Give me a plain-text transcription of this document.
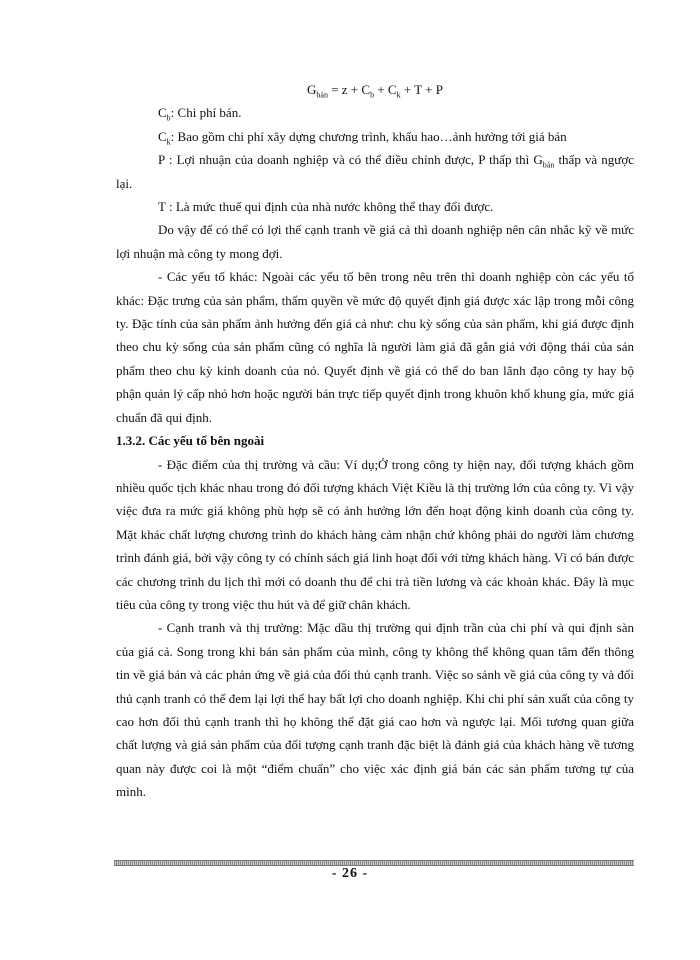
$G_{bán} = z + C_b + C_k + T + P$

$C_b$: Chi phí bán.

$C_k$: Bao gồm chi phí xây dựng chương trình, khấu hao…ảnh hưởng tới giá bán

P : Lợi nhuận của doanh nghiệp và có thể điều chỉnh được, P thấp thì $G_{bán}$ thấp và ngược lại.

T : Là mức thuế qui định của nhà nước không thể thay đổi được.

Do vậy để có thể có lợi thế cạnh tranh về giá cả thì doanh nghiệp nên cân nhắc kỹ về mức lợi nhuận mà công ty mong đợi.

- Các yếu tố khác: Ngoài các yếu tố bên trong nêu trên thì doanh nghiệp còn các yếu tố khác: Đặc trưng của sản phẩm, thẩm quyền về mức độ quyết định giá được xác lập trong mỗi công ty. Đặc tính của sản phẩm ảnh hưởng đến giá cả như: chu kỳ sống của sản phẩm, khi giá được định theo chu kỳ sống của sản phẩm cũng có nghĩa là người làm giá đã gắn giá với động thái của sản phẩm theo chu kỳ kinh doanh của nó. Quyết định về giá có thể do ban lãnh đạo công ty hay bộ phận quản lý cấp nhỏ hơn hoặc người bán trực tiếp quyết định trong khuôn khổ khung gía, mức giá chuẩn đã qui định.

1.3.2. Các yếu tố bên ngoài

- Đặc điểm của thị trường và cầu: Ví dụ;Ở trong công ty hiện nay, đối tượng khách gồm nhiều quốc tịch khác nhau trong đó đối tượng khách Việt Kiều là thị trường lớn của công ty. Vì vậy việc đưa ra mức giá không phù hợp sẽ có ảnh hưởng lớn đến hoạt động kinh doanh của công ty. Mặt khác chất lượng chương trình do khách hàng cảm nhận chứ không phải do người làm chương trình đánh giá, bởi vậy công ty có chính sách giá linh hoạt đối với từng khách hàng. Vì có bán được các chương trình du lịch thì mới có doanh thu để chi trả tiền lương và các khoản khác. Đây là mục tiêu của công ty trong việc thu hút và để giữ chân khách.

- Cạnh tranh và thị trường: Mặc dầu thị trường qui định trần của chi phí và qui định sàn của giá cả. Song trong khi bán sản phẩm của mình, công ty không thể không quan tâm đến thông tin về giá bán và các phản ứng về giá của đối thủ cạnh tranh. Việc so sánh về giá của công ty và đối thủ cạnh tranh có thể đem lại lợi thế hay bất lợi cho doanh nghiệp. Khi chi phí sản xuất của công ty cao hơn đối thủ cạnh tranh thì họ không thể đặt giá cao hơn và ngược lại. Mối tương quan giữa chất lượng và giá sản phẩm của đối tượng cạnh tranh đặc biệt là đánh giá của khách hàng về tương quan này được coi là một “điểm chuẩn” cho việc xác định giá bán các sản phẩm tương tự của mình.

- 26 -
